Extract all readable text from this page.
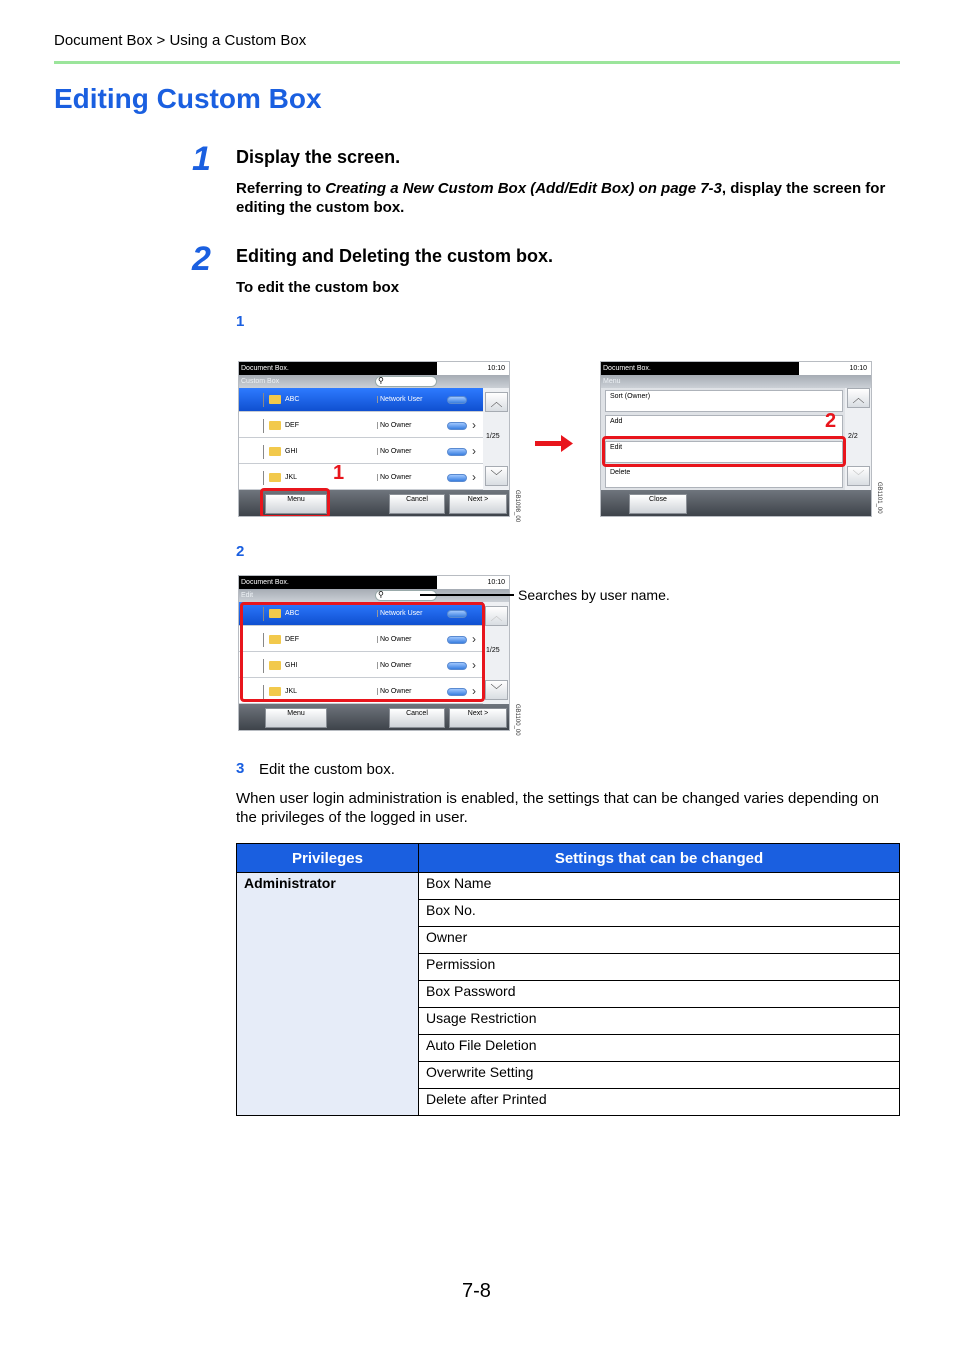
Document Box > Using a Custom Box
Editing Custom Box
1 Display the screen.
Referring to Creating a New Custom Box (Add/Edit Box) on page 7-3, display the screen for editing the custom box.
2 Editing and Deleting the custom box.
To edit the custom box
1
Document Box.	10:10
Custom Box	⚲
ABC	Network User
DEF	No Owner	›
GHI	No Owner	›
JKL	No Owner	›
︿
1/25
﹀
Menu	Cancel	Next >
1
GB1098_00
Document Box.	10:10
Menu
Sort (Owner)
Add
Edit
Delete
︿
2/2
﹀
Close
2
GB1101_00
2
Document Box.	10:10
Edit	⚲
ABC	Network User
DEF	No Owner	›
GHI	No Owner	›
JKL	No Owner	›
︿
1/25
﹀
Menu	Cancel	Next >
Searches by user name.
GB1100_00
3 Edit the custom box.
When user login administration is enabled, the settings that can be changed varies depending on the privileges of the logged in user.
Privileges	Settings that can be changed
Administrator	Box Name
	Box No.
	Owner
	Permission
	Box Password
	Usage Restriction
	Auto File Deletion
	Overwrite Setting
	Delete after Printed
7-8
